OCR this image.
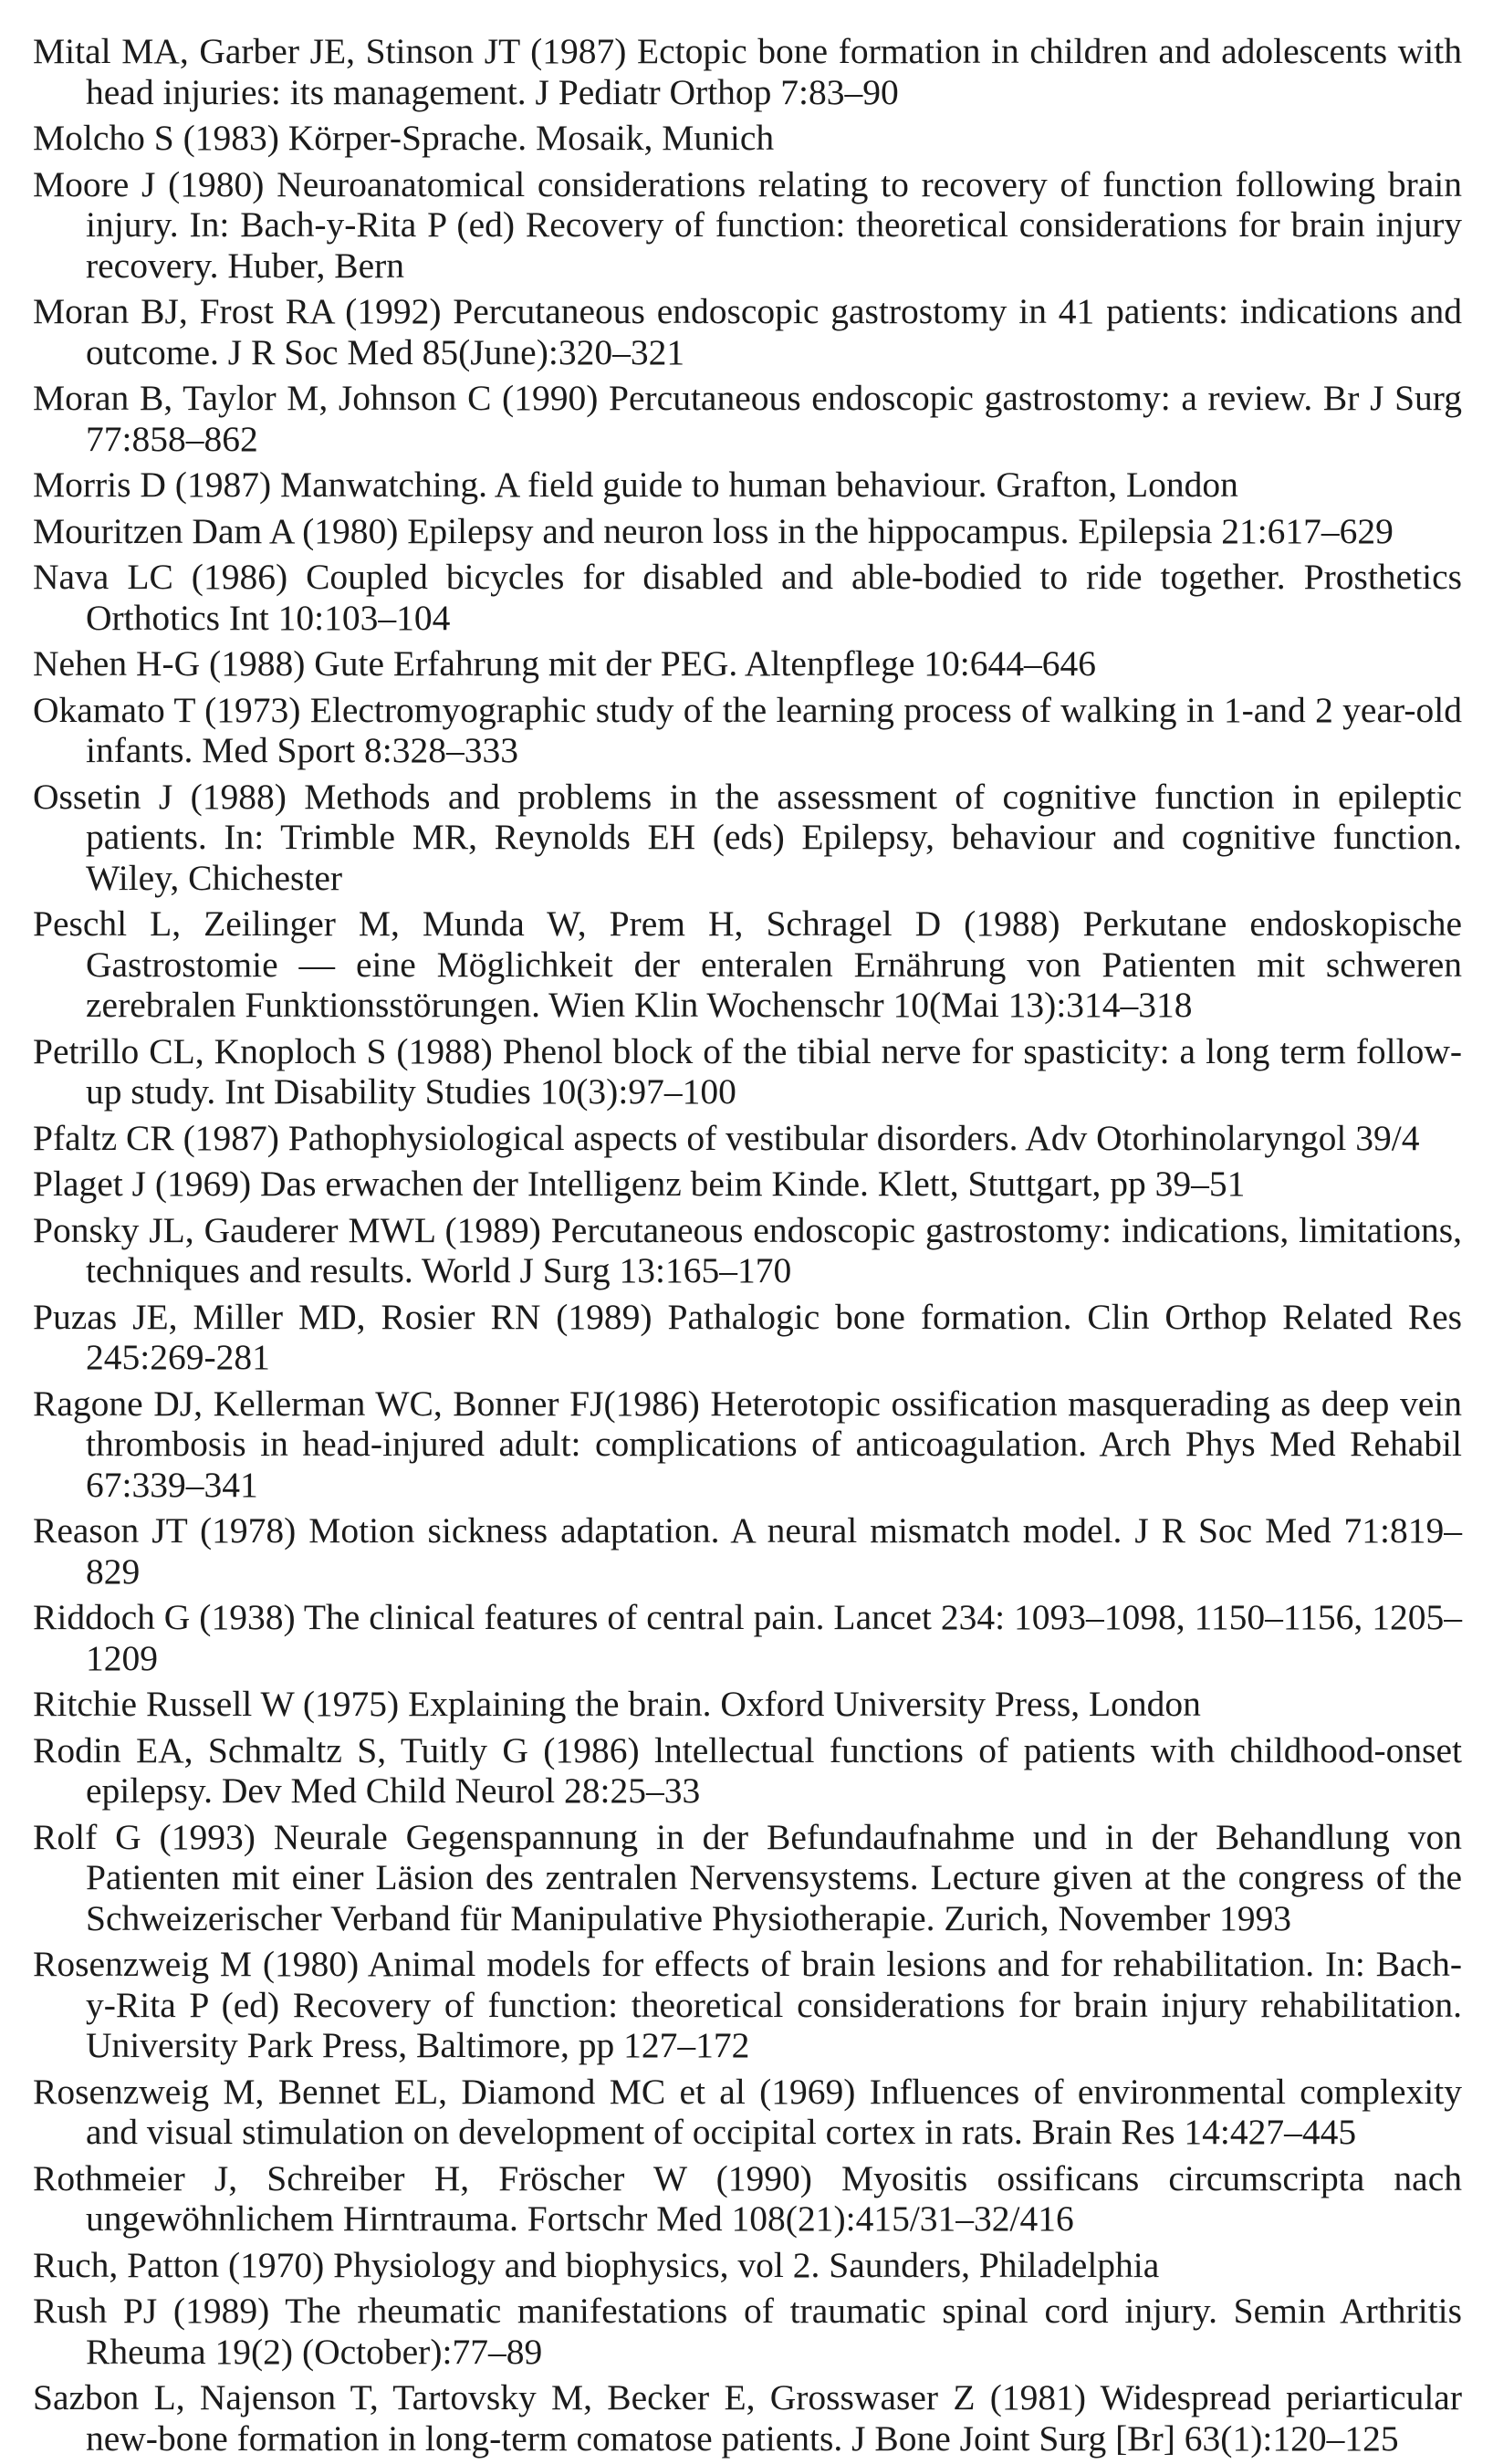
Mital MA, Garber JE, Stinson JT (1987) Ectopic bone formation in children and adolescents with head injuries: its management. J Pediatr Orthop 7:83–90

Molcho S (1983) Körper-Sprache. Mosaik, Munich

Moore J (1980) Neuroanatomical considerations relating to recovery of function following brain injury. In: Bach-y-Rita P (ed) Recovery of function: theoretical considerations for brain injury recovery. Huber, Bern

Moran BJ, Frost RA (1992) Percutaneous endoscopic gastrostomy in 41 patients: indications and outcome. J R Soc Med 85(June):320–321

Moran B, Taylor M, Johnson C (1990) Percutaneous endoscopic gastrostomy: a review. Br J Surg 77:858–862

Morris D (1987) Manwatching. A field guide to human behaviour. Grafton, London

Mouritzen Dam A (1980) Epilepsy and neuron loss in the hippocampus. Epilepsia 21:617–629

Nava LC (1986) Coupled bicycles for disabled and able-bodied to ride together. Prosthetics Orthotics Int 10:103–104

Nehen H-G (1988) Gute Erfahrung mit der PEG. Altenpflege 10:644–646

Okamato T (1973) Electromyographic study of the learning process of walking in 1-and 2 year-old infants. Med Sport 8:328–333

Ossetin J (1988) Methods and problems in the assessment of cognitive function in epileptic patients. In: Trimble MR, Reynolds EH (eds) Epilepsy, behaviour and cognitive function. Wiley, Chichester

Peschl L, Zeilinger M, Munda W, Prem H, Schragel D (1988) Perkutane endoskopische Gastrostomie — eine Möglichkeit der enteralen Ernährung von Patienten mit schweren zerebralen Funktionsstörungen. Wien Klin Wochenschr 10(Mai 13):314–318

Petrillo CL, Knoploch S (1988) Phenol block of the tibial nerve for spasticity: a long term follow-up study. Int Disability Studies 10(3):97–100

Pfaltz CR (1987) Pathophysiological aspects of vestibular disorders. Adv Otorhinolaryngol 39/4

Plaget J (1969) Das erwachen der Intelligenz beim Kinde. Klett, Stuttgart, pp 39–51

Ponsky JL, Gauderer MWL (1989) Percutaneous endoscopic gastrostomy: indications, limitations, techniques and results. World J Surg 13:165–170

Puzas JE, Miller MD, Rosier RN (1989) Pathalogic bone formation. Clin Orthop Related Res 245:269-281

Ragone DJ, Kellerman WC, Bonner FJ(1986) Heterotopic ossification masquerading as deep vein thrombosis in head-injured adult: complications of anticoagulation. Arch Phys Med Rehabil 67:339–341

Reason JT (1978) Motion sickness adaptation. A neural mismatch model. J R Soc Med 71:819–829

Riddoch G (1938) The clinical features of central pain. Lancet 234: 1093–1098, 1150–1156, 1205–1209

Ritchie Russell W (1975) Explaining the brain. Oxford University Press, London

Rodin EA, Schmaltz S, Tuitly G (1986) lntellectual functions of patients with childhood-onset epilepsy. Dev Med Child Neurol 28:25–33

Rolf G (1993) Neurale Gegenspannung in der Befundaufnahme und in der Behandlung von Patienten mit einer Läsion des zentralen Nervensystems. Lecture given at the congress of the Schweizerischer Verband für Manipulative Physiotherapie. Zurich, November 1993

Rosenzweig M (1980) Animal models for effects of brain lesions and for rehabilitation. In: Bach-y-Rita P (ed) Recovery of function: theoretical considerations for brain injury rehabilitation. University Park Press, Baltimore, pp 127–172

Rosenzweig M, Bennet EL, Diamond MC et al (1969) Influences of environmental complexity and visual stimulation on development of occipital cortex in rats. Brain Res 14:427–445

Rothmeier J, Schreiber H, Fröscher W (1990) Myositis ossificans circumscripta nach ungewöhnlichem Hirntrauma. Fortschr Med 108(21):415/31–32/416

Ruch, Patton (1970) Physiology and biophysics, vol 2. Saunders, Philadelphia

Rush PJ (1989) The rheumatic manifestations of traumatic spinal cord injury. Semin Arthritis Rheuma 19(2) (October):77–89

Sazbon L, Najenson T, Tartovsky M, Becker E, Grosswaser Z (1981) Widespread periarticular new-bone formation in long-term comatose patients. J Bone Joint Surg [Br] 63(1):120–125
